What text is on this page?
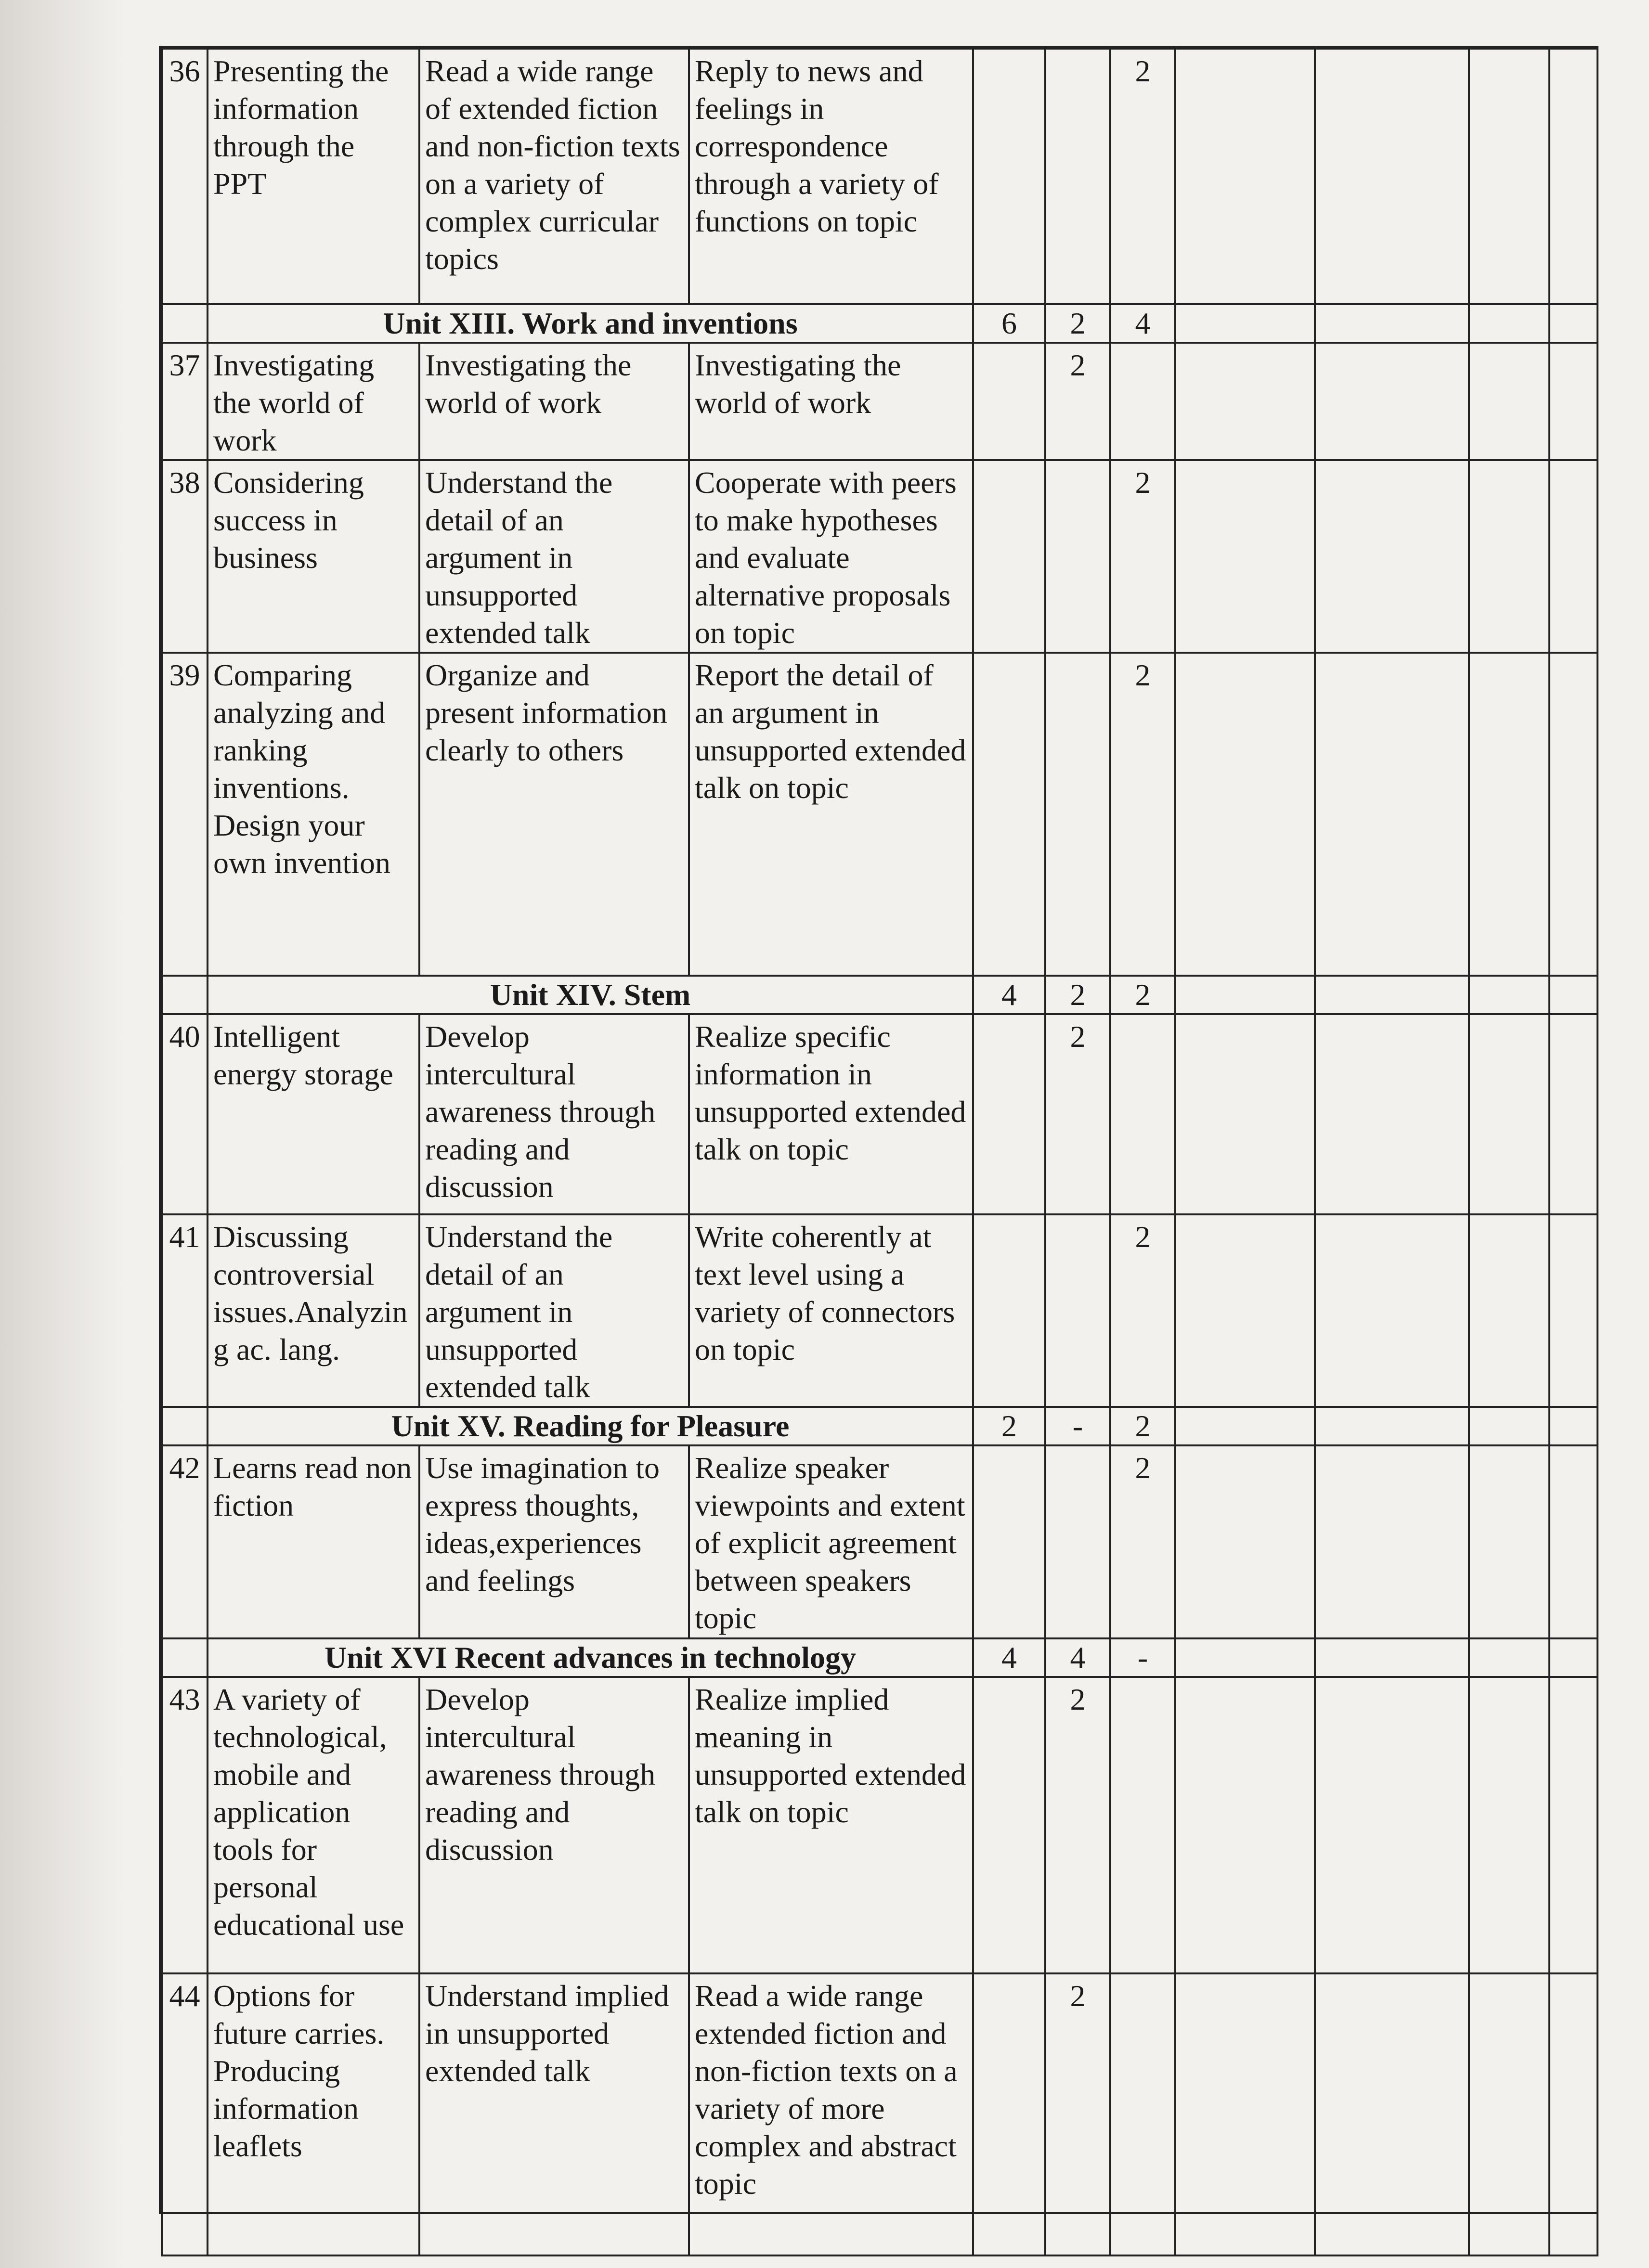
36	Presenting the information through the PPT	Read a wide range of extended fiction and non-fiction texts on a variety of complex curricular topics	Reply to news and feelings in correspondence through a variety of functions on topic			2				
	Unit XIII. Work and inventions			6	2	4				
37	Investigating the world of work	Investigating the world of work	Investigating the world of work		2					
38	Considering success in business	Understand the detail of an argument in unsupported extended talk	Cooperate with peers to make hypotheses and evaluate alternative proposals on topic			2				
39	Comparing analyzing and ranking inventions. Design your own invention	Organize and present information clearly to others	Report the detail of an argument in unsupported extended talk on topic			2				
	Unit XIV. Stem			4	2	2				
40	Intelligent energy storage	Develop intercultural awareness through reading and discussion	Realize specific information in unsupported extended talk on topic		2					
41	Discussing controversial issues.Analyzing ac. lang.	Understand the detail of an argument in unsupported extended talk	Write coherently at text level using a variety of connectors on topic			2				
	Unit XV. Reading for Pleasure			2	-	2				
42	Learns read non fiction	Use imagination to express thoughts, ideas,experiences and feelings	Realize speaker viewpoints and extent of explicit agreement between speakers topic			2				
	Unit XVI Recent advances in technology			4	4	-				
43	A variety of technological, mobile and application tools for personal educational use	Develop intercultural awareness through reading and discussion	Realize implied meaning in unsupported extended talk on topic		2					
44	Options for future carries. Producing information leaflets	Understand implied in unsupported extended talk	Read a wide range extended fiction and non-fiction texts on a variety of more complex and abstract topic		2					
